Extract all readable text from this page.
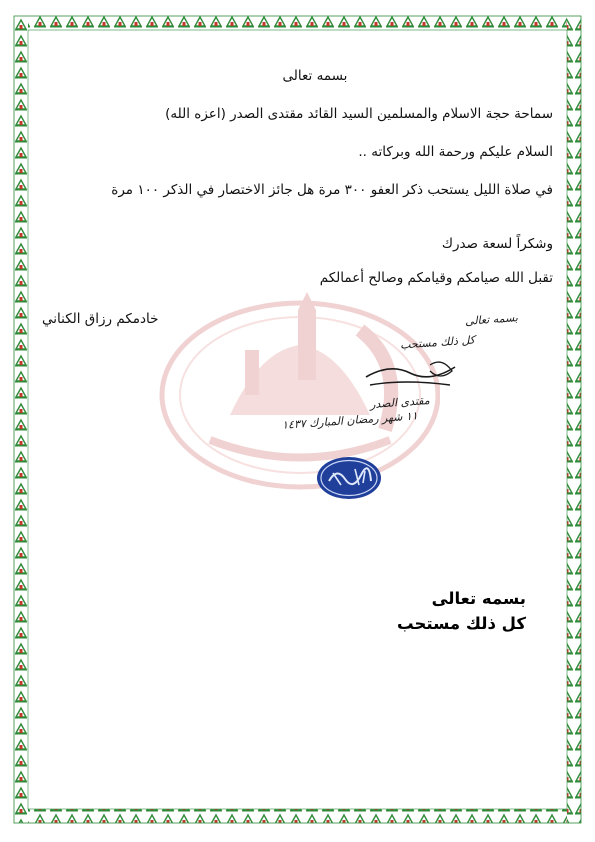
بسمه تعالى
سماحة حجة الاسلام والمسلمين السيد القائد مقتدى الصدر (اعزه الله)
السلام عليكم ورحمة الله وبركاته ..
في صلاة الليل يستحب ذكر العفو ٣٠٠ مرة هل جائز الاختصار في الذكر ١٠٠ مرة
وشكراً لسعة صدرك
تقبل الله صيامكم وقيامكم وصالح أعمالكم
خادمكم رزاق الكناني	بسمه تعالى
كل ذلك مستحب
مقتدى الصدر
١١ شهر رمضان المبارك ١٤٣٧
بسمه تعالى
كل ذلك مستحب
